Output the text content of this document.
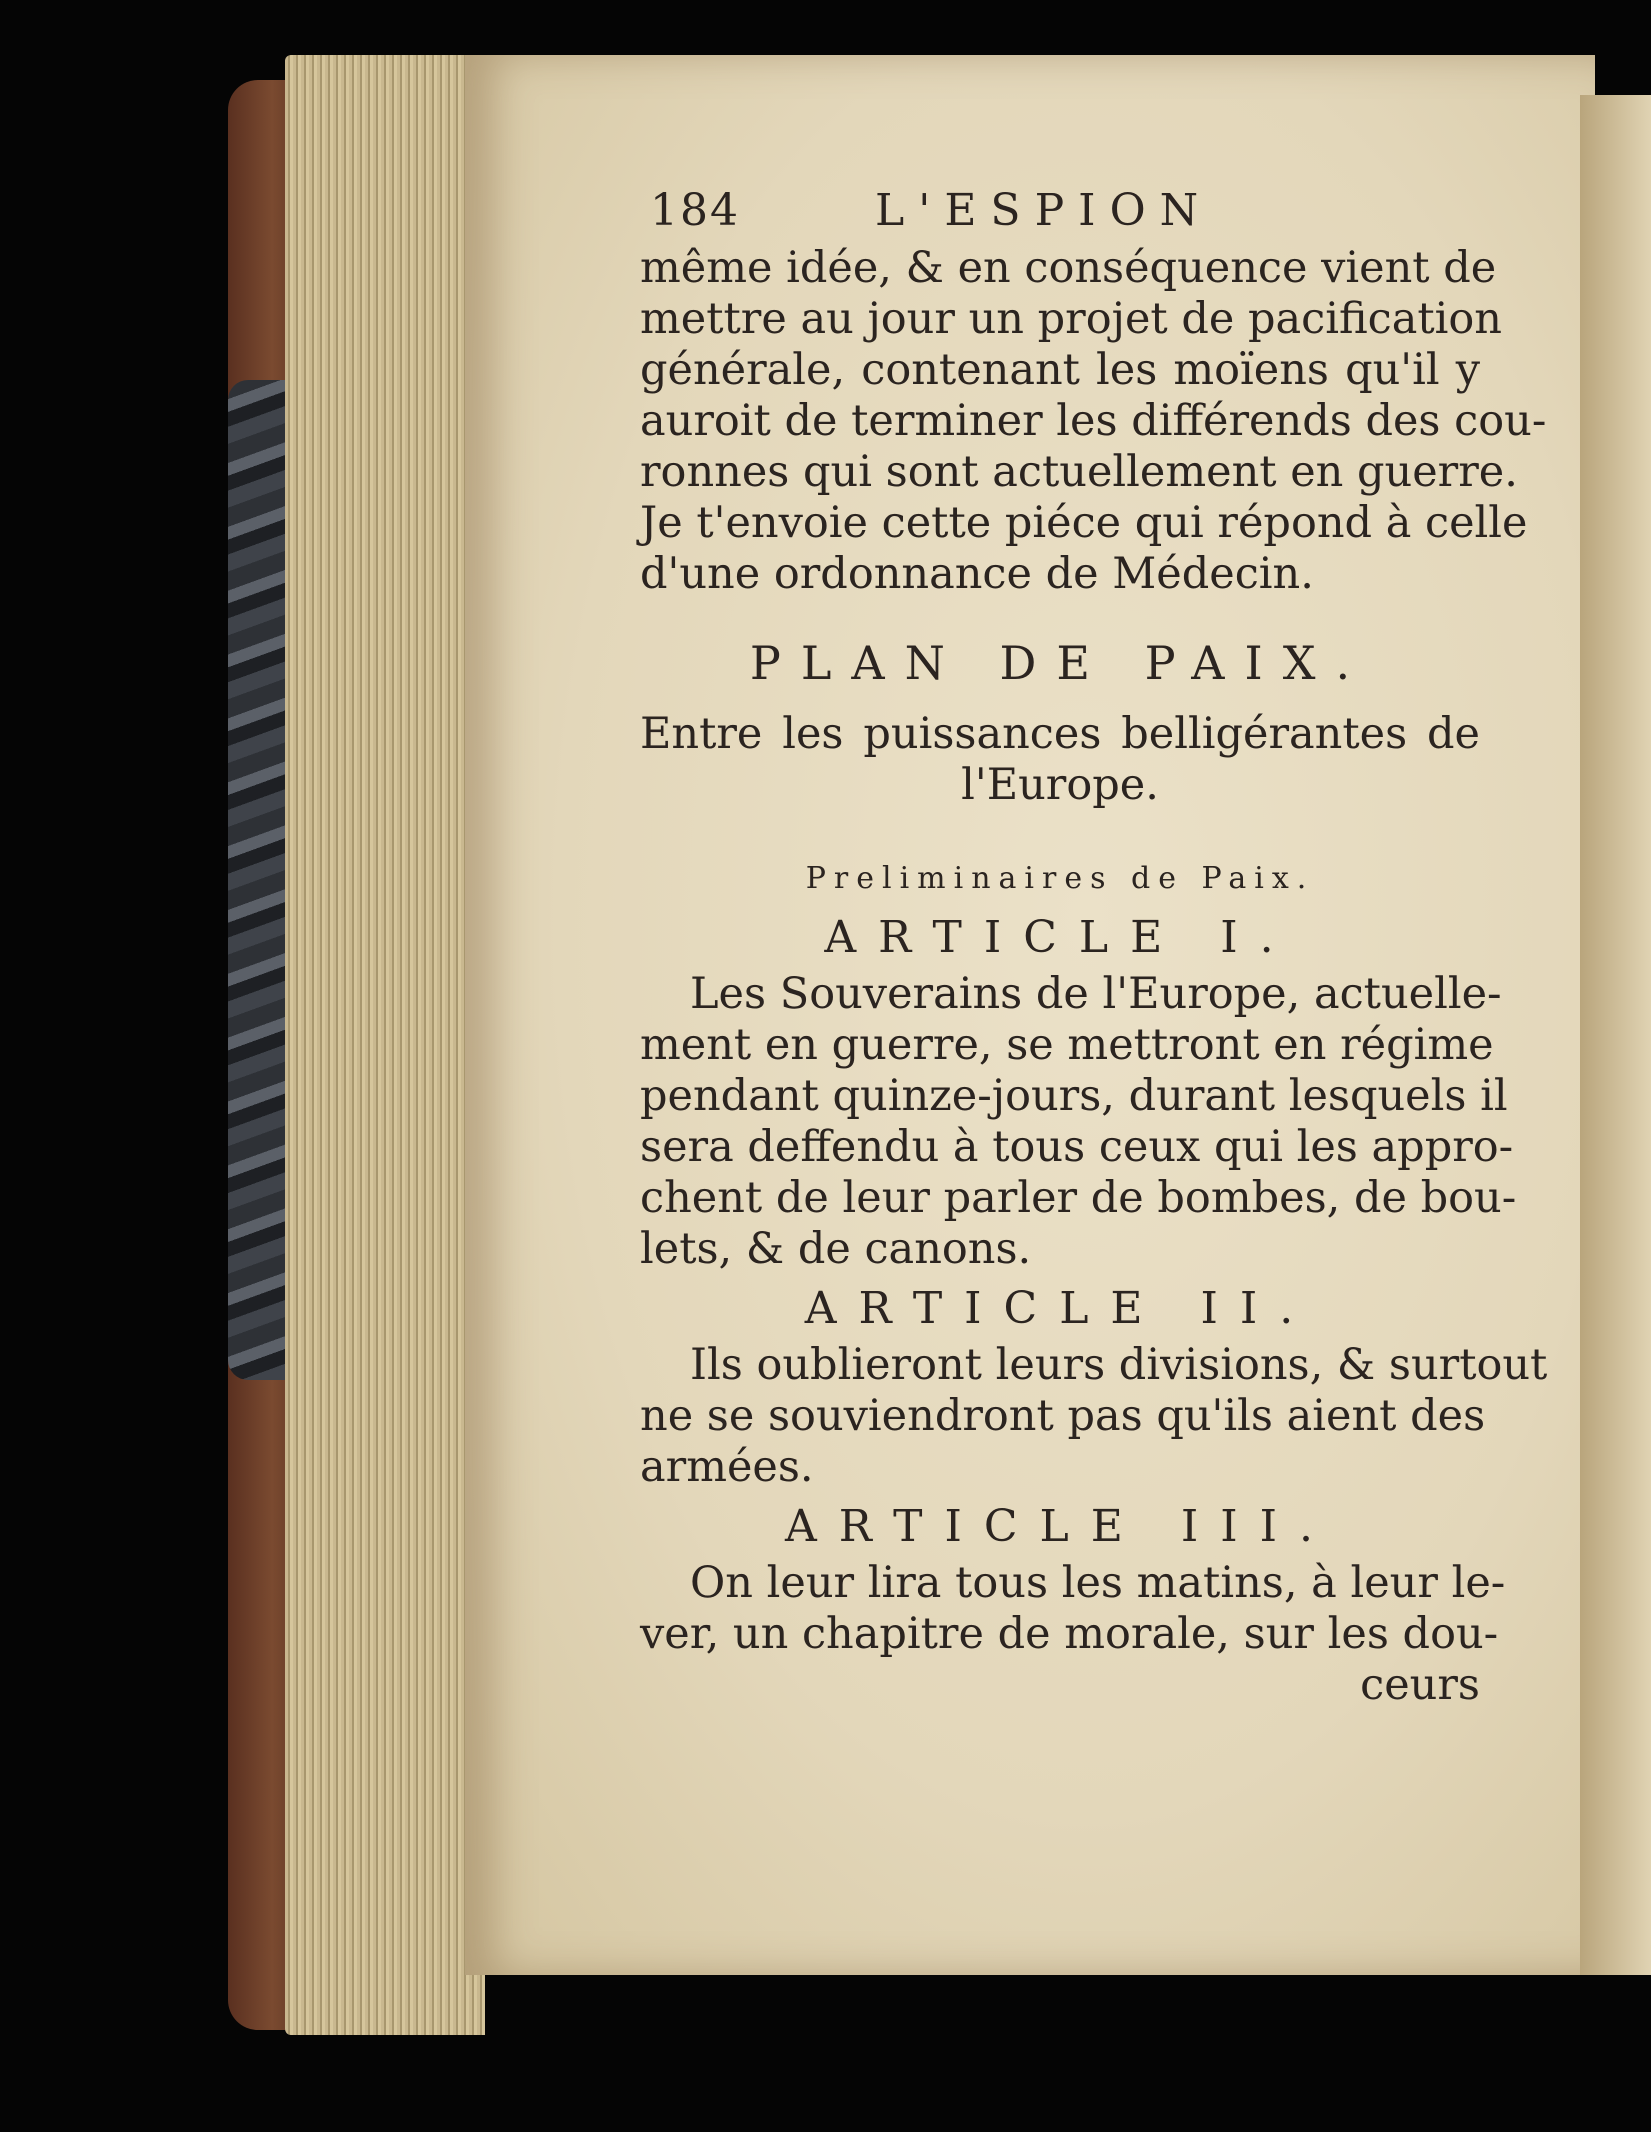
184	L'ESPION
même idée, & en conséquence vient de
mettre au jour un projet de pacification
générale, contenant les moïens qu'il y
auroit de terminer les différends des cou-
ronnes qui sont actuellement en guerre.
Je t'envoie cette piéce qui répond à celle
d'une ordonnance de Médecin.
PLAN DE PAIX.
Entre les puissances belligérantes de
l'Europe.
Preliminaires de Paix.
ARTICLE I.
Les Souverains de l'Europe, actuelle-
ment en guerre, se mettront en régime
pendant quinze-jours, durant lesquels il
sera deffendu à tous ceux qui les appro-
chent de leur parler de bombes, de bou-
lets, & de canons.
ARTICLE II.
Ils oublieront leurs divisions, & surtout
ne se souviendront pas qu'ils aient des
armées.
ARTICLE III.
On leur lira tous les matins, à leur le-
ver, un chapitre de morale, sur les dou-
ceurs
